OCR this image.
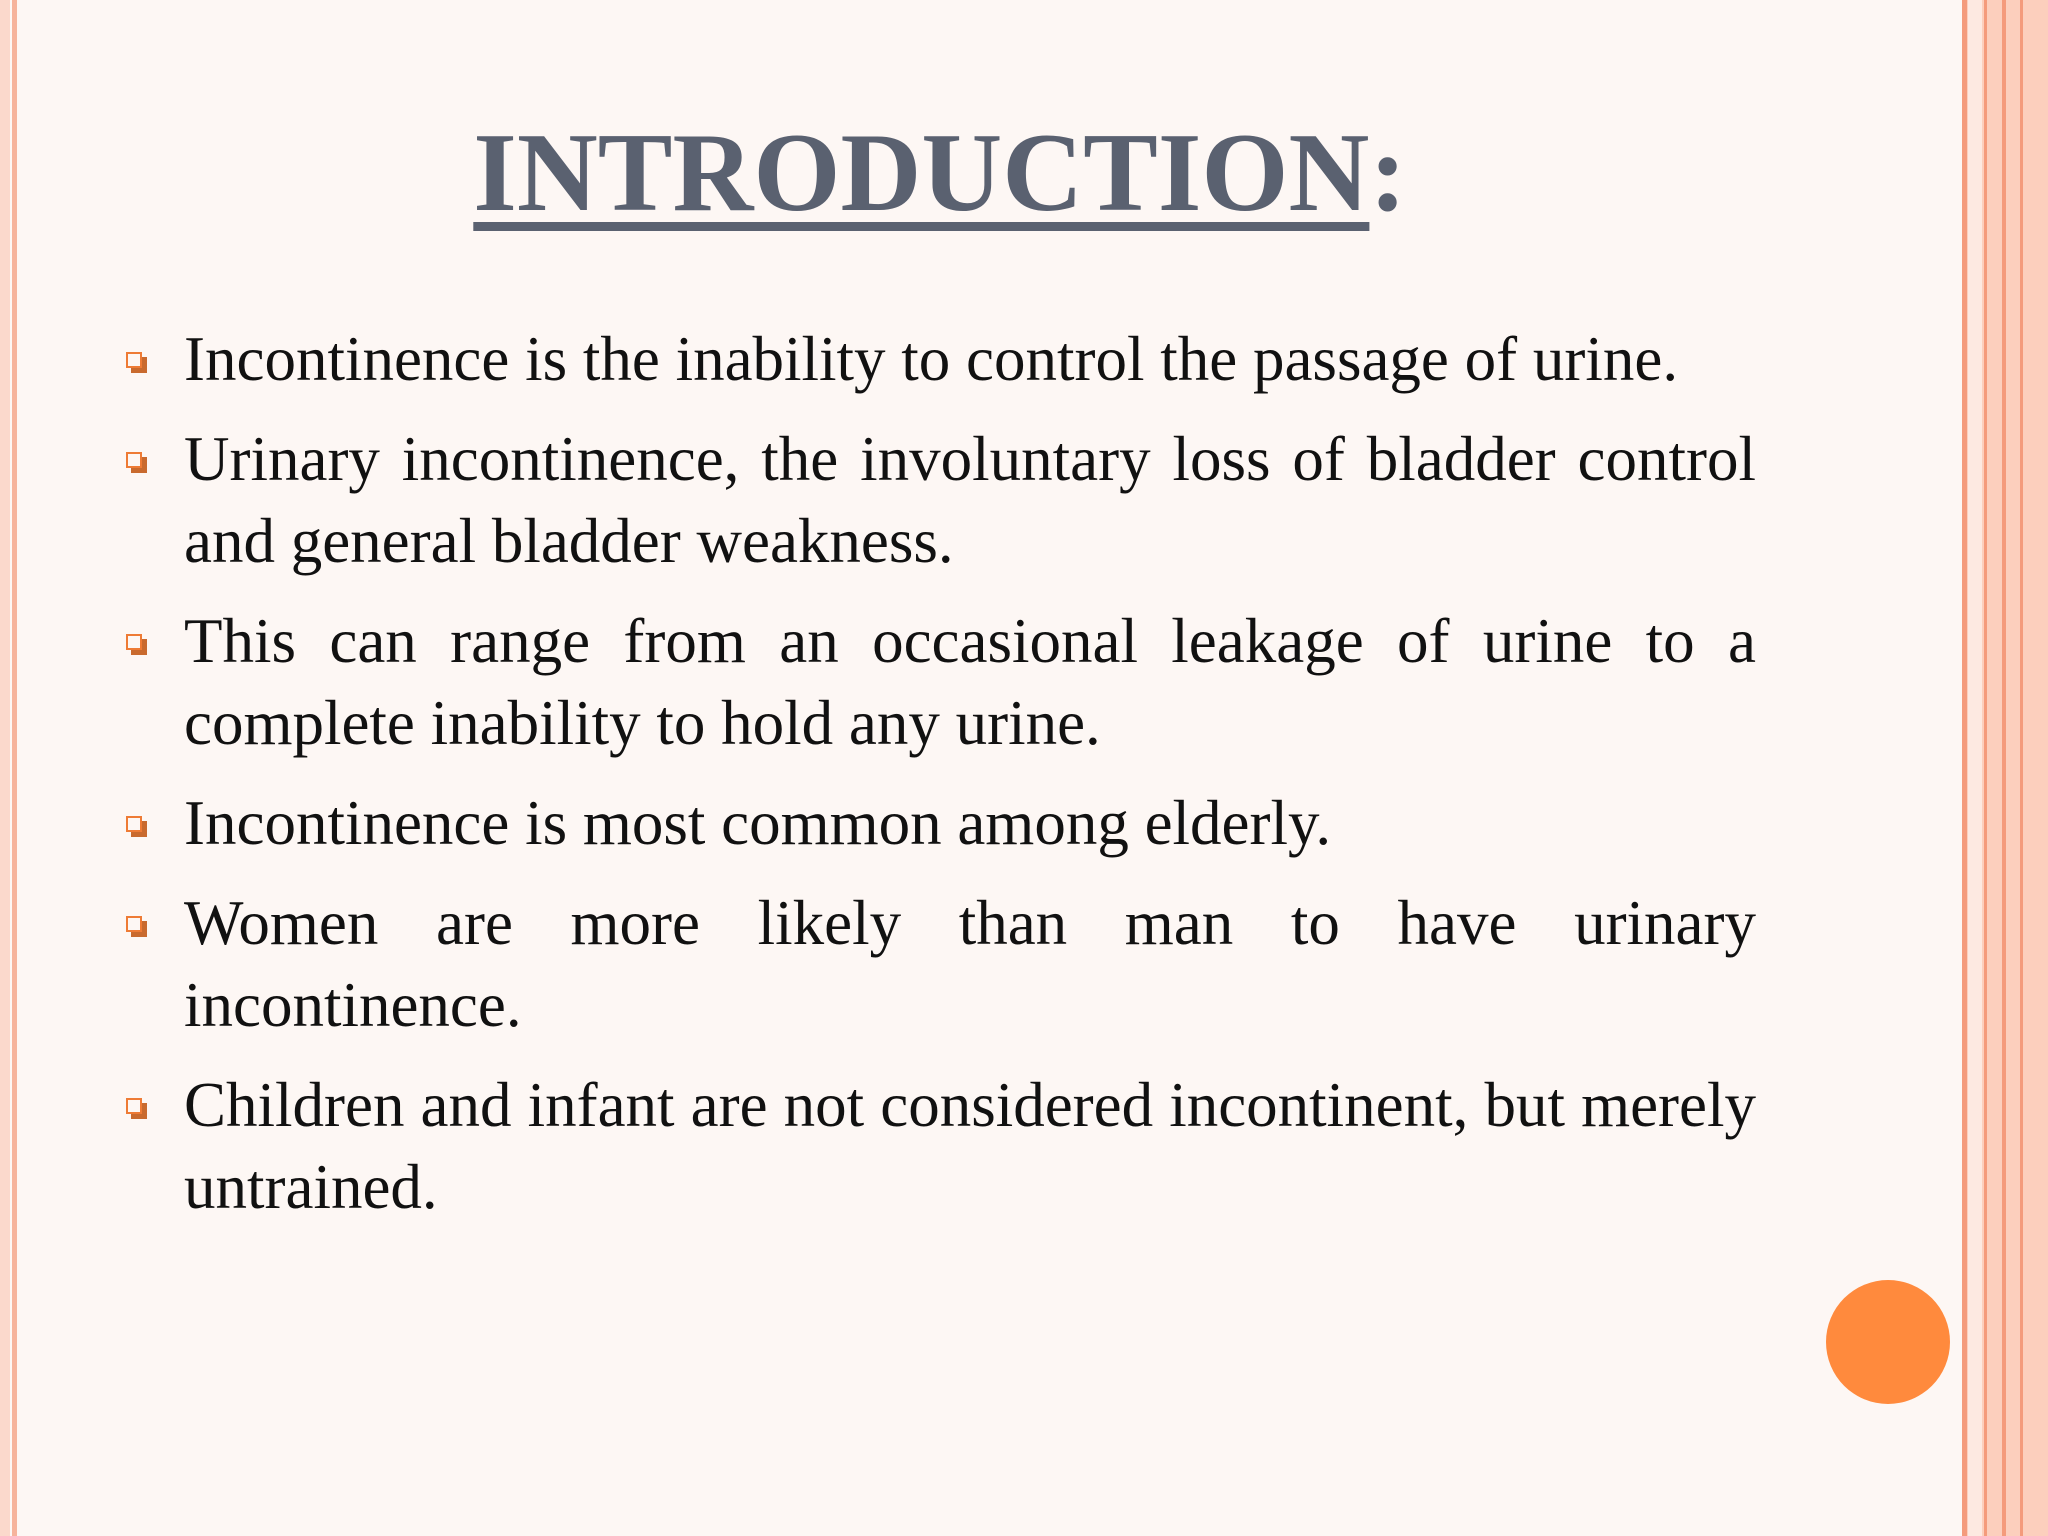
INTRODUCTION:
Incontinence is the inability to control the passage of urine.
Urinary incontinence, the involuntary loss of bladder control and general bladder weakness.
This can range from an occasional leakage of urine to a complete inability to hold any urine.
Incontinence is most common among elderly.
Women are more likely than man to have urinary incontinence.
Children and infant are not considered incontinent, but merely untrained.
